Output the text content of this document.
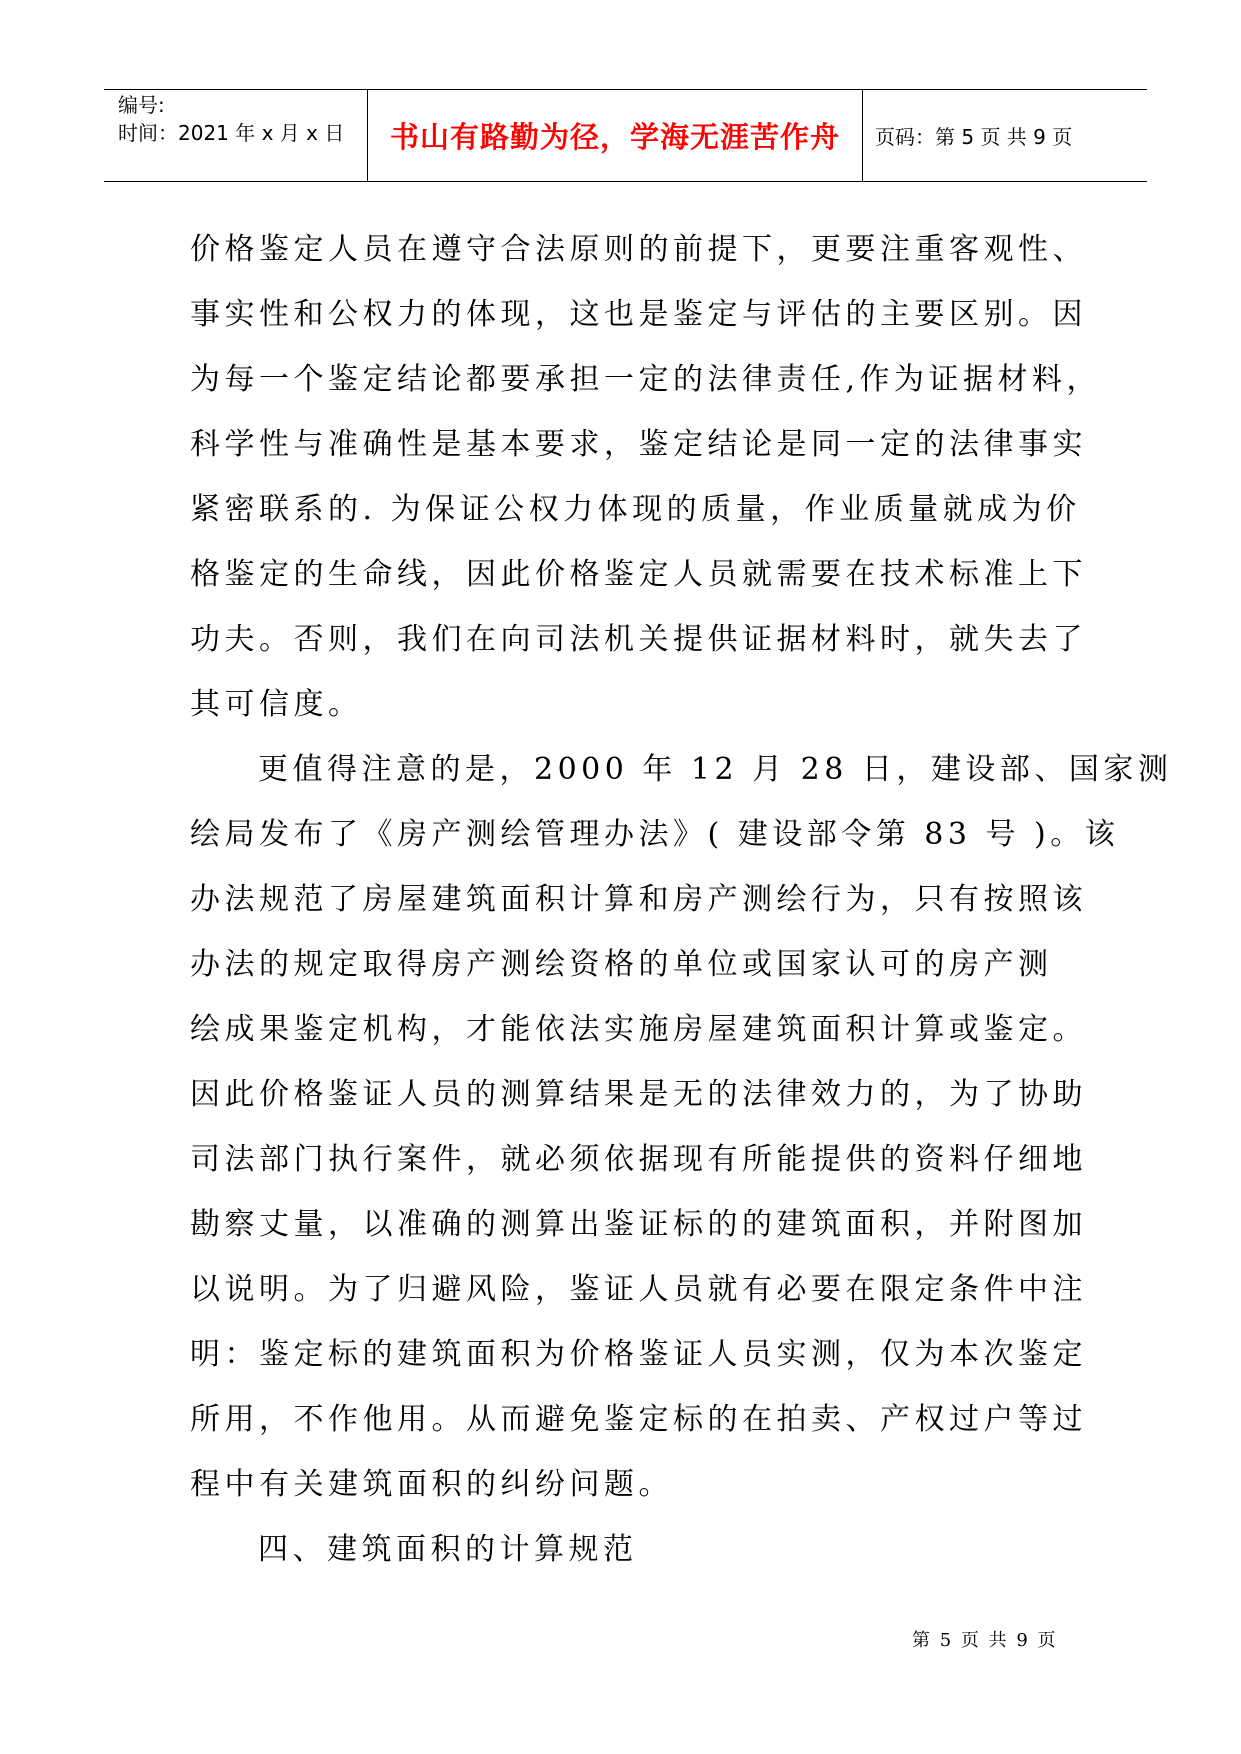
编号:
时间：2021 年 x 月 x 日	书山有路勤为径，学海无涯苦作舟	页码：第 5 页 共 9 页
价格鉴定人员在遵守合法原则的前提下，更要注重客观性、
事实性和公权力的体现，这也是鉴定与评估的主要区别。因
为每一个鉴定结论都要承担一定的法律责任,作为证据材料，
科学性与准确性是基本要求，鉴定结论是同一定的法律事实
紧密联系的. 为保证公权力体现的质量，作业质量就成为价
格鉴定的生命线，因此价格鉴定人员就需要在技术标准上下
功夫。否则，我们在向司法机关提供证据材料时，就失去了
其可信度。
更值得注意的是，2000 年 12 月 28 日，建设部、国家测
绘局发布了《房产测绘管理办法》( 建设部令第 83 号 )。该
办法规范了房屋建筑面积计算和房产测绘行为，只有按照该
办法的规定取得房产测绘资格的单位或国家认可的房产测
绘成果鉴定机构，才能依法实施房屋建筑面积计算或鉴定。
因此价格鉴证人员的测算结果是无的法律效力的，为了协助
司法部门执行案件，就必须依据现有所能提供的资料仔细地
勘察丈量，以准确的测算出鉴证标的的建筑面积，并附图加
以说明。为了归避风险，鉴证人员就有必要在限定条件中注
明：鉴定标的建筑面积为价格鉴证人员实测，仅为本次鉴定
所用，不作他用。从而避免鉴定标的在拍卖、产权过户等过
程中有关建筑面积的纠纷问题。
四、建筑面积的计算规范
第 5 页 共 9 页
